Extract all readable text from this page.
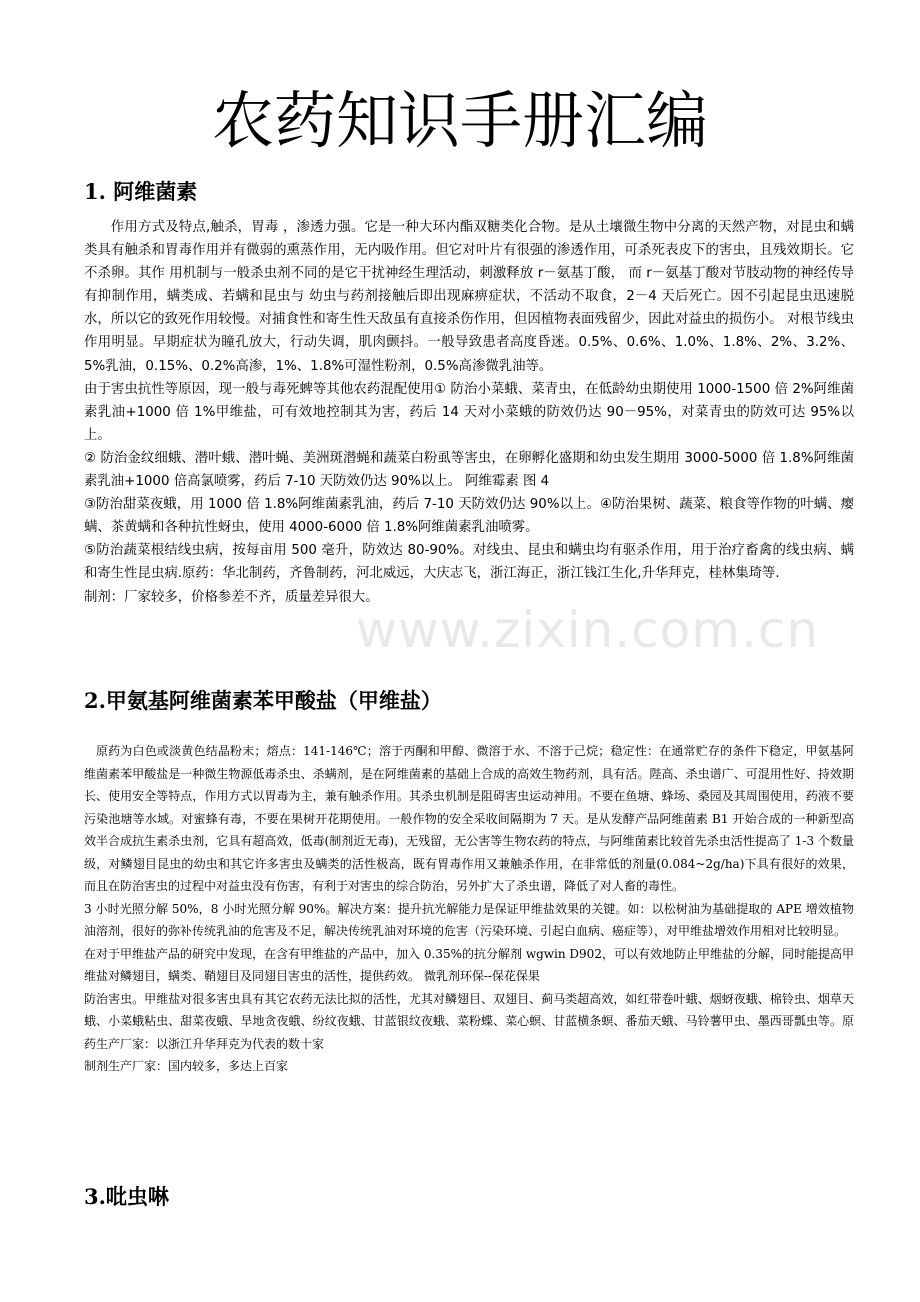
农药知识手册汇编
1. 阿维菌素

作用方式及特点,触杀，胃毒 ，渗透力强。它是一种大环内酯双糖类化合物。是从土壤微生物中分离的天然产物，对昆虫和螨类具有触杀和胃毒作用并有微弱的熏蒸作用，无内吸作用。但它对叶片有很强的渗透作用，可杀死表皮下的害虫，且残效期长。它不杀卵。其作 用机制与一般杀虫剂不同的是它干扰神经生理活动，刺激释放 r－氨基丁酸， 而 r－氨基丁酸对节肢动物的神经传导有抑制作用，螨类成、若螨和昆虫与 幼虫与药剂接触后即出现麻痹症状，不活动不取食，2－4 天后死亡。因不引起昆虫迅速脱水，所以它的致死作用较慢。对捕食性和寄生性天敌虽有直接杀伤作用，但因植物表面残留少，因此对益虫的损伤小。 对根节线虫作用明显。早期症状为瞳孔放大，行动失调，肌肉颤抖。一般导致患者高度昏迷。0.5%、0.6%、1.0%、1.8%、2%、3.2%、5%乳油，0.15%、0.2%高渗，1%、1.8%可湿性粉剂，0.5%高渗微乳油等。

由于害虫抗性等原因，现一般与毒死蜱等其他农药混配使用① 防治小菜蛾、菜青虫，在低龄幼虫期使用 1000-1500 倍 2%阿维菌素乳油+1000 倍 1%甲维盐，可有效地控制其为害，药后 14 天对小菜蛾的防效仍达 90－95%，对菜青虫的防效可达 95%以上。

② 防治金纹细蛾、潜叶蛾、潜叶蝇、美洲斑潜蝇和蔬菜白粉虱等害虫，在卵孵化盛期和幼虫发生期用 3000-5000 倍 1.8%阿维菌素乳油+1000 倍高氯喷雾，药后 7-10 天防效仍达 90%以上。 阿维霉素 图 4

③防治甜菜夜蛾，用 1000 倍 1.8%阿维菌素乳油，药后 7-10 天防效仍达 90%以上。④防治果树、蔬菜、粮食等作物的叶螨、瘿螨、茶黄螨和各种抗性蚜虫，使用 4000-6000 倍 1.8%阿维菌素乳油喷雾。

⑤防治蔬菜根结线虫病，按每亩用 500 毫升，防效达 80-90%。对线虫、昆虫和螨虫均有驱杀作用，用于治疗畜禽的线虫病、螨和寄生性昆虫病.原药：华北制药，齐鲁制药，河北威远，大庆志飞，浙江海正，浙江钱江生化,升华拜克，桂林集琦等.

制剂：厂家较多，价格参差不齐，质量差异很大。

2.甲氨基阿维菌素苯甲酸盐（甲维盐）

原药为白色或淡黄色结晶粉末；熔点：141-146℃；溶于丙酮和甲醇、微溶于水、不溶于己烷；稳定性：在通常贮存的条件下稳定，甲氨基阿维菌素苯甲酸盐是一种微生物源低毒杀虫、杀螨剂，是在阿维菌素的基础上合成的高效生物药剂，具有活。陛高、杀虫谱广、可混用性好、持效期长、使用安全等特点，作用方式以胃毒为主，兼有触杀作用。其杀虫机制是阻碍害虫运动神用。不要在鱼塘、蜂场、桑园及其周围使用，药液不要污染池塘等水域。对蜜蜂有毒，不要在果树开花期使用。一般作物的安全采收间隔期为 7 天。是从发酵产品阿维菌素 B1 开始合成的一种新型高效半合成抗生素杀虫剂，它具有超高效，低毒(制剂近无毒)，无残留，无公害等生物农药的特点，与阿维菌素比较首先杀虫活性提高了 1-3 个数量级，对鳞翅目昆虫的幼虫和其它许多害虫及螨类的活性极高，既有胃毒作用又兼触杀作用，在非常低的剂量(0.084~2g/ha)下具有很好的效果，而且在防治害虫的过程中对益虫没有伤害，有利于对害虫的综合防治，另外扩大了杀虫谱，降低了对人畜的毒性。

3 小时光照分解 50%，8 小时光照分解 90%。解决方案：提升抗光解能力是保证甲维盐效果的关键。如：以松树油为基础提取的 APE 增效植物油溶剂，很好的弥补传统乳油的危害及不足，解决传统乳油对环境的危害（污染环境、引起白血病、癌症等），对甲维盐增效作用相对比较明显。

在对于甲维盐产品的研究中发现，在含有甲维盐的产品中，加入 0.35%的抗分解剂 wgwin D902，可以有效地防止甲维盐的分解，同时能提高甲维盐对鳞翅目，螨类、鞘翅目及同翅目害虫的活性，提供药效。 微乳剂环保--保花保果

防治害虫。甲维盐对很多害虫具有其它农药无法比拟的活性，尤其对鳞翅目、双翅目、蓟马类超高效，如红带卷叶蛾、烟蚜夜蛾、棉铃虫、烟草天蛾、小菜蛾粘虫、甜菜夜蛾、旱地贪夜蛾、纷纹夜蛾、甘蓝银纹夜蛾、菜粉蝶、菜心螟、甘蓝横条螟、番茄天蛾、马铃薯甲虫、墨西哥瓢虫等。原药生产厂家：以浙江升华拜克为代表的数十家

制剂生产厂家：国内较多，多达上百家

3.吡虫啉
www.zixin.com.cn
